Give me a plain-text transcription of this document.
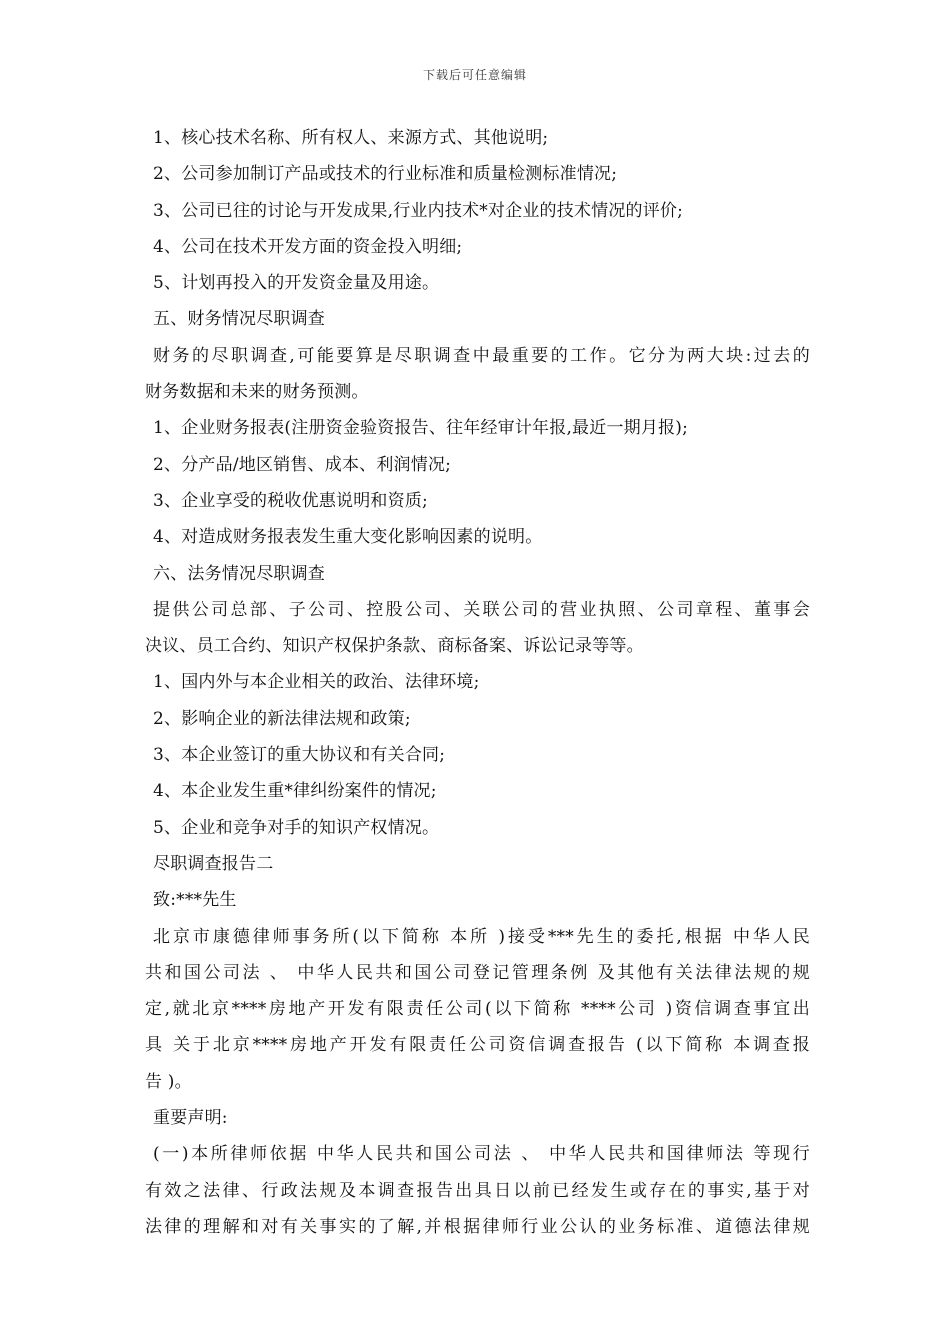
下载后可任意编辑
1、核心技术名称、所有权人、来源方式、其他说明;
2、公司参加制订产品或技术的行业标准和质量检测标准情况;
3、公司已往的讨论与开发成果,行业内技术*对企业的技术情况的评价;
4、公司在技术开发方面的资金投入明细;
5、计划再投入的开发资金量及用途。
五、财务情况尽职调查
财务的尽职调查,可能要算是尽职调查中最重要的工作。它分为两大块:过去的
财务数据和未来的财务预测。
1、企业财务报表(注册资金验资报告、往年经审计年报,最近一期月报);
2、分产品/地区销售、成本、利润情况;
3、企业享受的税收优惠说明和资质;
4、对造成财务报表发生重大变化影响因素的说明。
六、法务情况尽职调查
提供公司总部、子公司、控股公司、关联公司的营业执照、公司章程、董事会
决议、员工合约、知识产权保护条款、商标备案、诉讼记录等等。
1、国内外与本企业相关的政治、法律环境;
2、影响企业的新法律法规和政策;
3、本企业签订的重大协议和有关合同;
4、本企业发生重*律纠纷案件的情况;
5、企业和竞争对手的知识产权情况。
尽职调查报告二
致:***先生
北京市康德律师事务所(以下简称 本所 )接受***先生的委托,根据 中华人民
共和国公司法 、 中华人民共和国公司登记管理条例 及其他有关法律法规的规
定,就北京****房地产开发有限责任公司(以下简称 ****公司 )资信调查事宜出
具 关于北京****房地产开发有限责任公司资信调查报告 (以下简称 本调查报
告 )。
重要声明:
(一)本所律师依据 中华人民共和国公司法 、 中华人民共和国律师法 等现行
有效之法律、行政法规及本调查报告出具日以前已经发生或存在的事实,基于对
法律的理解和对有关事实的了解,并根据律师行业公认的业务标准、道德法律规
